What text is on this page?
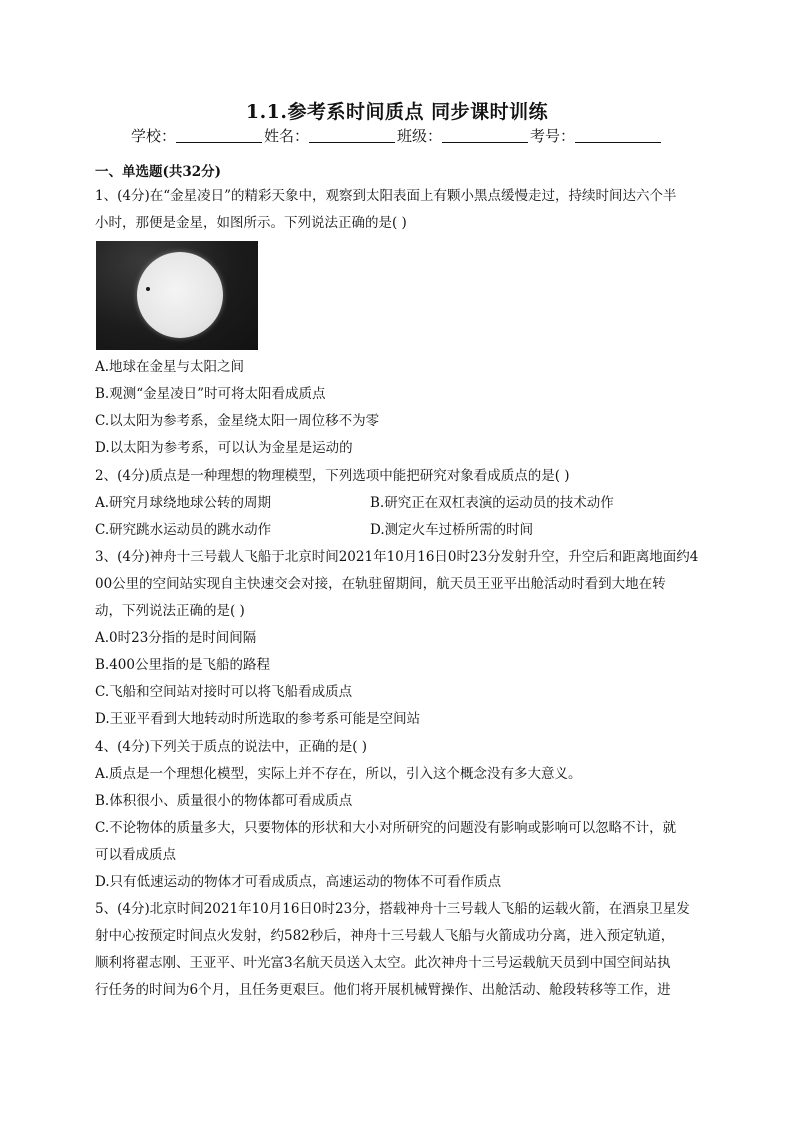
1.1.参考系时间质点 同步课时训练
学校：	姓名：	班级：	考号：
一、单选题(共32分)
1、(4分)在“金星凌日”的精彩天象中，观察到太阳表面上有颗小黑点缓慢走过，持续时间达六个半
小时，那便是金星，如图所示。下列说法正确的是( )
A.地球在金星与太阳之间
B.观测“金星凌日”时可将太阳看成质点
C.以太阳为参考系，金星绕太阳一周位移不为零
D.以太阳为参考系，可以认为金星是运动的
2、(4分)质点是一种理想的物理模型，下列选项中能把研究对象看成质点的是( )
A.研究月球绕地球公转的周期	B.研究正在双杠表演的运动员的技术动作
C.研究跳水运动员的跳水动作	D.测定火车过桥所需的时间
3、(4分)神舟十三号载人飞船于北京时间2021年10月16日0时23分发射升空，升空后和距离地面约4
00公里的空间站实现自主快速交会对接，在轨驻留期间，航天员王亚平出舱活动时看到大地在转
动，下列说法正确的是( )
A.0时23分指的是时间间隔
B.400公里指的是飞船的路程
C.飞船和空间站对接时可以将飞船看成质点
D.王亚平看到大地转动时所选取的参考系可能是空间站
4、(4分)下列关于质点的说法中，正确的是( )
A.质点是一个理想化模型，实际上并不存在，所以，引入这个概念没有多大意义。
B.体积很小、质量很小的物体都可看成质点
C.不论物体的质量多大，只要物体的形状和大小对所研究的问题没有影响或影响可以忽略不计，就
可以看成质点
D.只有低速运动的物体才可看成质点，高速运动的物体不可看作质点
5、(4分)北京时间2021年10月16日0时23分，搭载神舟十三号载人飞船的运载火箭，在酒泉卫星发
射中心按预定时间点火发射，约582秒后，神舟十三号载人飞船与火箭成功分离，进入预定轨道，
顺利将翟志刚、王亚平、叶光富3名航天员送入太空。此次神舟十三号运载航天员到中国空间站执
行任务的时间为6个月，且任务更艰巨。他们将开展机械臂操作、出舱活动、舱段转移等工作，进
